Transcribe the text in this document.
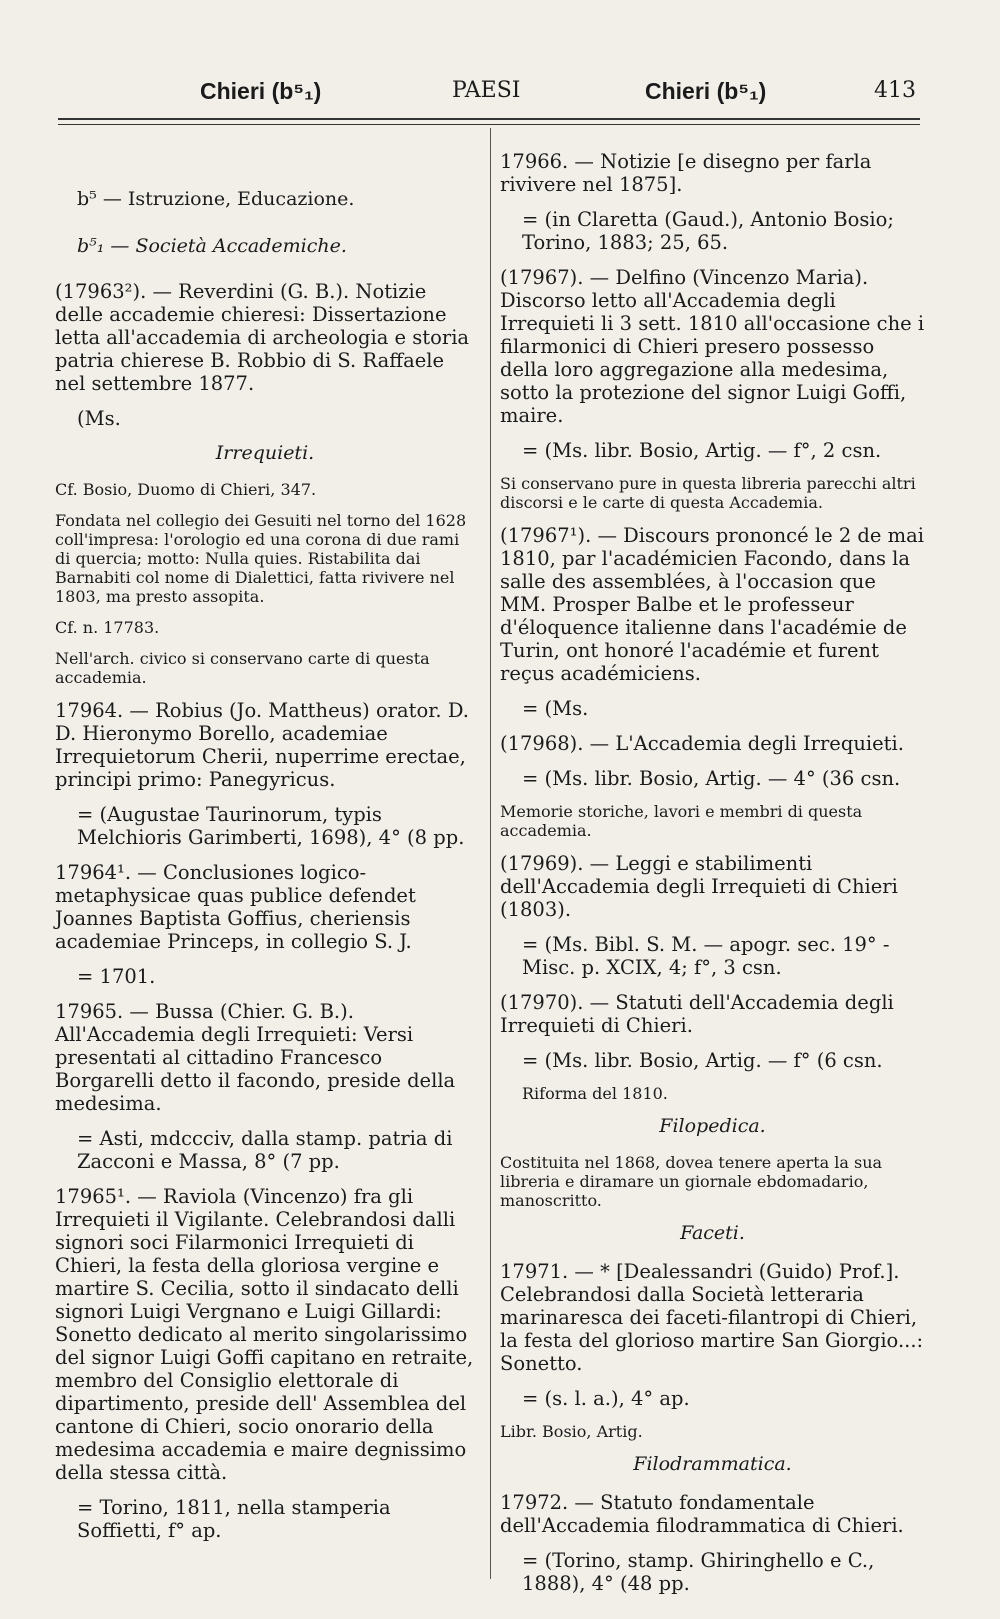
Chieri (b⁵₁)	PAESI	Chieri (b⁵₁)	413
b⁵ — Istruzione, Educazione.
b⁵₁ — Società Accademiche.
(17963²). — Reverdini (G. B.). Notizie delle accademie chieresi: Dissertazione letta all'accademia di archeologia e storia patria chierese B. Robbio di S. Raffaele nel settembre 1877.
(Ms.
Irrequieti.
Cf. Bosio, Duomo di Chieri, 347.
Fondata nel collegio dei Gesuiti nel torno del 1628 coll'impresa: l'orologio ed una corona di due rami di quercia; motto: Nulla quies. Ristabilita dai Barnabiti col nome di Dialettici, fatta rivivere nel 1803, ma presto assopita.
Cf. n. 17783.
Nell'arch. civico si conservano carte di questa accademia.
17964. — Robius (Jo. Mattheus) orator. D. D. Hieronymo Borello, academiae Irrequietorum Cherii, nuperrime erectae, principi primo: Panegyricus.
= (Augustae Taurinorum, typis Melchioris Garimberti, 1698), 4° (8 pp.
17964¹. — Conclusiones logico-metaphysicae quas publice defendet Joannes Baptista Goffius, cheriensis academiae Princeps, in collegio S. J.
= 1701.
17965. — Bussa (Chier. G. B.). All'Accademia degli Irrequieti: Versi presentati al cittadino Francesco Borgarelli detto il facondo, preside della medesima.
= Asti, mdccciv, dalla stamp. patria di Zacconi e Massa, 8° (7 pp.
17965¹. — Raviola (Vincenzo) fra gli Irrequieti il Vigilante. Celebrandosi dalli signori soci Filarmonici Irrequieti di Chieri, la festa della gloriosa vergine e martire S. Cecilia, sotto il sindacato delli signori Luigi Vergnano e Luigi Gillardi: Sonetto dedicato al merito singolarissimo del signor Luigi Goffi capitano en retraite, membro del Consiglio elettorale di dipartimento, preside dell' Assemblea del cantone di Chieri, socio onorario della medesima accademia e maire degnissimo della stessa città.
= Torino, 1811, nella stamperia Soffietti, f° ap.
17966. — Notizie [e disegno per farla rivivere nel 1875].
= (in Claretta (Gaud.), Antonio Bosio; Torino, 1883; 25, 65.
(17967). — Delfino (Vincenzo Maria). Discorso letto all'Accademia degli Irrequieti li 3 sett. 1810 all'occasione che i filarmonici di Chieri presero possesso della loro aggregazione alla medesima, sotto la protezione del signor Luigi Goffi, maire.
= (Ms. libr. Bosio, Artig. — f°, 2 csn.
Si conservano pure in questa libreria parecchi altri discorsi e le carte di questa Accademia.
(17967¹). — Discours prononcé le 2 de mai 1810, par l'académicien Facondo, dans la salle des assemblées, à l'occasion que MM. Prosper Balbe et le professeur d'éloquence italienne dans l'académie de Turin, ont honoré l'académie et furent reçus académiciens.
= (Ms.
(17968). — L'Accademia degli Irrequieti.
= (Ms. libr. Bosio, Artig. — 4° (36 csn.
Memorie storiche, lavori e membri di questa accademia.
(17969). — Leggi e stabilimenti dell'Accademia degli Irrequieti di Chieri (1803).
= (Ms. Bibl. S. M. — apogr. sec. 19° - Misc. p. XCIX, 4; f°, 3 csn.
(17970). — Statuti dell'Accademia degli Irrequieti di Chieri.
= (Ms. libr. Bosio, Artig. — f° (6 csn.
Riforma del 1810.
Filopedica.
Costituita nel 1868, dovea tenere aperta la sua libreria e diramare un giornale ebdomadario, manoscritto.
Faceti.
17971. — * [Dealessandri (Guido) Prof.]. Celebrandosi dalla Società letteraria marinaresca dei faceti-filantropi di Chieri, la festa del glorioso martire San Giorgio...: Sonetto.
= (s. l. a.), 4° ap.
Libr. Bosio, Artig.
Filodrammatica.
17972. — Statuto fondamentale dell'Accademia filodrammatica di Chieri.
= (Torino, stamp. Ghiringhello e C., 1888), 4° (48 pp.
